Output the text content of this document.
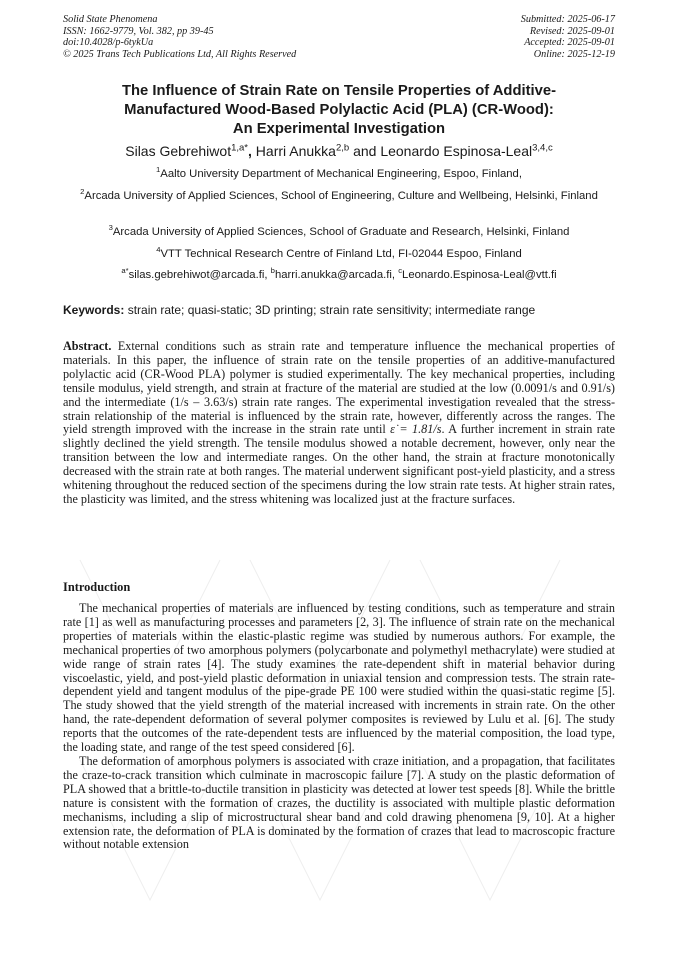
Solid State Phenomena
ISSN: 1662-9779, Vol. 382, pp 39-45
doi:10.4028/p-6tykUa
© 2025 Trans Tech Publications Ltd, All Rights Reserved
Submitted: 2025-06-17
Revised: 2025-09-01
Accepted: 2025-09-01
Online: 2025-12-19
The Influence of Strain Rate on Tensile Properties of Additive-
Manufactured Wood-Based Polylactic Acid (PLA) (CR-Wood):
An Experimental Investigation
Silas Gebrehiwot$^{1,a*}$, Harri Anukka$^{2,b}$ and Leonardo Espinosa-Leal$^{3,4,c}$
$^1$Aalto University Department of Mechanical Engineering, Espoo, Finland,
$^2$Arcada University of Applied Sciences, School of Engineering, Culture and Wellbeing, Helsinki, Finland
$^3$Arcada University of Applied Sciences, School of Graduate and Research, Helsinki, Finland
$^4$VTT Technical Research Centre of Finland Ltd, FI-02044 Espoo, Finland
$^{a*}$silas.gebrehiwot@arcada.fi, $^b$harri.anukka@arcada.fi, $^c$Leonardo.Espinosa-Leal@vtt.fi
Keywords: strain rate; quasi-static; 3D printing; strain rate sensitivity; intermediate range
Abstract. External conditions such as strain rate and temperature influence the mechanical properties of materials. In this paper, the influence of strain rate on the tensile properties of an additive-manufactured polylactic acid (CR-Wood PLA) polymer is studied experimentally. The key mechanical properties, including tensile modulus, yield strength, and strain at fracture of the material are studied at the low (0.0091/s and 0.91/s) and the intermediate (1/s – 3.63/s) strain rate ranges. The experimental investigation revealed that the stress-strain relationship of the material is influenced by the strain rate, however, differently across the ranges. The yield strength improved with the increase in the strain rate until ε̇ = 1.81/s. A further increment in strain rate slightly declined the yield strength. The tensile modulus showed a notable decrement, however, only near the transition between the low and intermediate ranges. On the other hand, the strain at fracture monotonically decreased with the strain rate at both ranges. The material underwent significant post-yield plasticity, and a stress whitening throughout the reduced section of the specimens during the low strain rate tests. At higher strain rates, the plasticity was limited, and the stress whitening was localized just at the fracture surfaces.
Introduction

The mechanical properties of materials are influenced by testing conditions, such as temperature and strain rate [1] as well as manufacturing processes and parameters [2, 3]. The influence of strain rate on the mechanical properties of materials within the elastic-plastic regime was studied by numerous authors. For example, the mechanical properties of two amorphous polymers (polycarbonate and polymethyl methacrylate) were studied at wide range of strain rates [4]. The study examines the rate-dependent shift in material behavior during viscoelastic, yield, and post-yield plastic deformation in uniaxial tension and compression tests. The strain rate-dependent yield and tangent modulus of the pipe-grade PE 100 were studied within the quasi-static regime [5]. The study showed that the yield strength of the material increased with increments in strain rate. On the other hand, the rate-dependent deformation of several polymer composites is reviewed by Lulu et al. [6]. The study reports that the outcomes of the rate-dependent tests are influenced by the material composition, the load type, the loading state, and range of the test speed considered [6].

The deformation of amorphous polymers is associated with craze initiation, and a propagation, that facilitates the craze-to-crack transition which culminate in macroscopic failure [7]. A study on the plastic deformation of PLA showed that a brittle-to-ductile transition in plasticity was detected at lower test speeds [8]. While the brittle nature is consistent with the formation of crazes, the ductility is associated with multiple plastic deformation mechanisms, including a slip of microstructural shear band and cold drawing phenomena [9, 10]. At a higher extension rate, the deformation of PLA is dominated by the formation of crazes that lead to macroscopic fracture without notable extension
